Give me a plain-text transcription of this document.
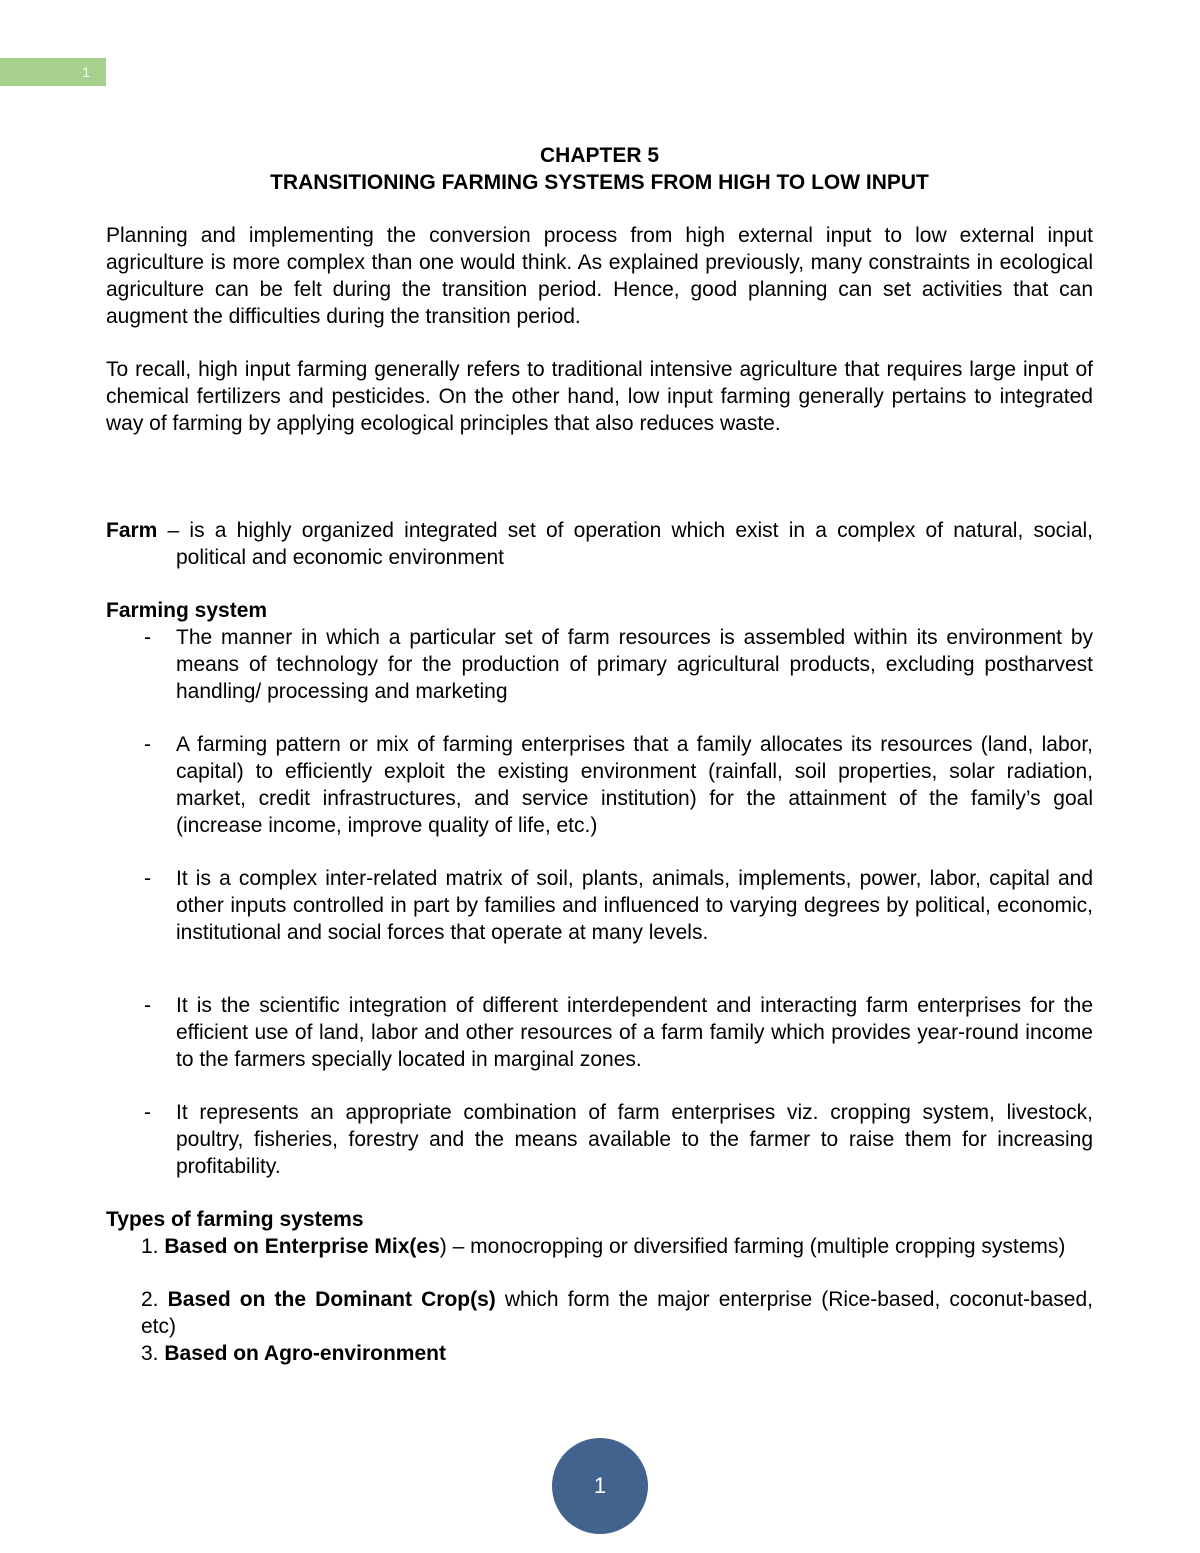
1
CHAPTER 5
TRANSITIONING FARMING SYSTEMS FROM HIGH TO LOW INPUT

Planning and implementing the conversion process from high external input to low external input agriculture is more complex than one would think. As explained previously, many constraints in ecological agriculture can be felt during the transition period. Hence, good planning can set activities that can augment the difficulties during the transition period.

To recall, high input farming generally refers to traditional intensive agriculture that requires large input of chemical fertilizers and pesticides. On the other hand, low input farming generally pertains to integrated way of farming by applying ecological principles that also reduces waste.

Farm – is a highly organized integrated set of operation which exist in a complex of natural, social, political and economic environment

Farming system

- The manner in which a particular set of farm resources is assembled within its environment by means of technology for the production of primary agricultural products, excluding postharvest handling/ processing and marketing

- A farming pattern or mix of farming enterprises that a family allocates its resources (land, labor, capital) to efficiently exploit the existing environment (rainfall, soil properties, solar radiation, market, credit infrastructures, and service institution) for the attainment of the family’s goal (increase income, improve quality of life, etc.)

- It is a complex inter-related matrix of soil, plants, animals, implements, power, labor, capital and other inputs controlled in part by families and influenced to varying degrees by political, economic, institutional and social forces that operate at many levels.

- It is the scientific integration of different interdependent and interacting farm enterprises for the efficient use of land, labor and other resources of a farm family which provides year-round income to the farmers specially located in marginal zones.

- It represents an appropriate combination of farm enterprises viz. cropping system, livestock, poultry, fisheries, forestry and the means available to the farmer to raise them for increasing profitability.

Types of farming systems

1. Based on Enterprise Mix(es) – monocropping or diversified farming (multiple cropping systems)

2. Based on the Dominant Crop(s) which form the major enterprise (Rice-based, coconut-based, etc)

3. Based on Agro-environment

1
